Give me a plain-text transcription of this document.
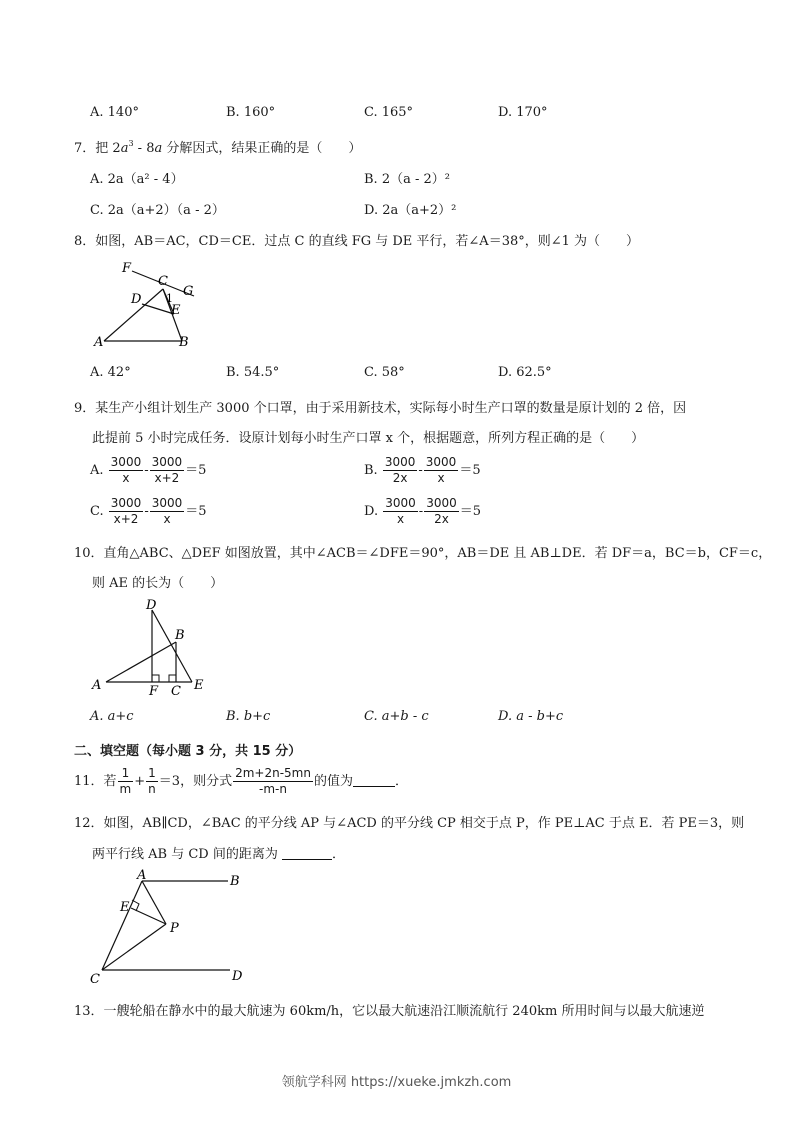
A. 140°	B. 160°	C. 165°	D. 170°
7．把 $2a^3 - 8a$ 分解因式，结果正确的是（　　）
A. 2a（a² - 4）	B. 2（a - 2）²
C. 2a（a+2）（a - 2）	D. 2a（a+2）²
8．如图，AB＝AC，CD＝CE．过点 C 的直线 FG 与 DE 平行，若∠A＝38°，则∠1 为（　　）
F
C
G
D 1
E
A	B
A. 42°	B. 54.5°	C. 58°	D. 62.5°
9．某生产小组计划生产 3000 个口罩，由于采用新技术，实际每小时生产口罩的数量是原计划的 2 倍，因
此提前 5 小时完成任务．设原计划每小时生产口罩 x 个，根据题意，所列方程正确的是（　　）
A. $\frac{3000}{x} - \frac{3000}{x+2} =5$	B. $\frac{3000}{2x} - \frac{3000}{x} =5$
C. $\frac{3000}{x+2} - \frac{3000}{x} =5$	D. $\frac{3000}{x} - \frac{3000}{2x} =5$
10．直角△ABC、△DEF 如图放置，其中∠ACB＝∠DFE＝90°，AB＝DE 且 AB⊥DE．若 DF＝a，BC＝b，CF＝c，
则 AE 的长为（　　）
D
B
A	F C E
A. a+c	B. b+c	C. a+b - c	D. a - b+c
二、填空题（每小题 3 分，共 15 分）
11．若 $\frac{1}{m} + \frac{1}{n} =3$，则分式 $\frac{2m+2n-5mn}{-m-n}$ 的值为	．
12．如图，AB∥CD，∠BAC 的平分线 AP 与∠ACD 的平分线 CP 相交于点 P，作 PE⊥AC 于点 E．若 PE＝3，则
两平行线 AB 与 CD 间的距离为	．
A	B
E
P
C	D
13．一艘轮船在静水中的最大航速为 60km/h，它以最大航速沿江顺流航行 240km 所用时间与以最大航速逆
领航学科网 https://xueke.jmkzh.com
